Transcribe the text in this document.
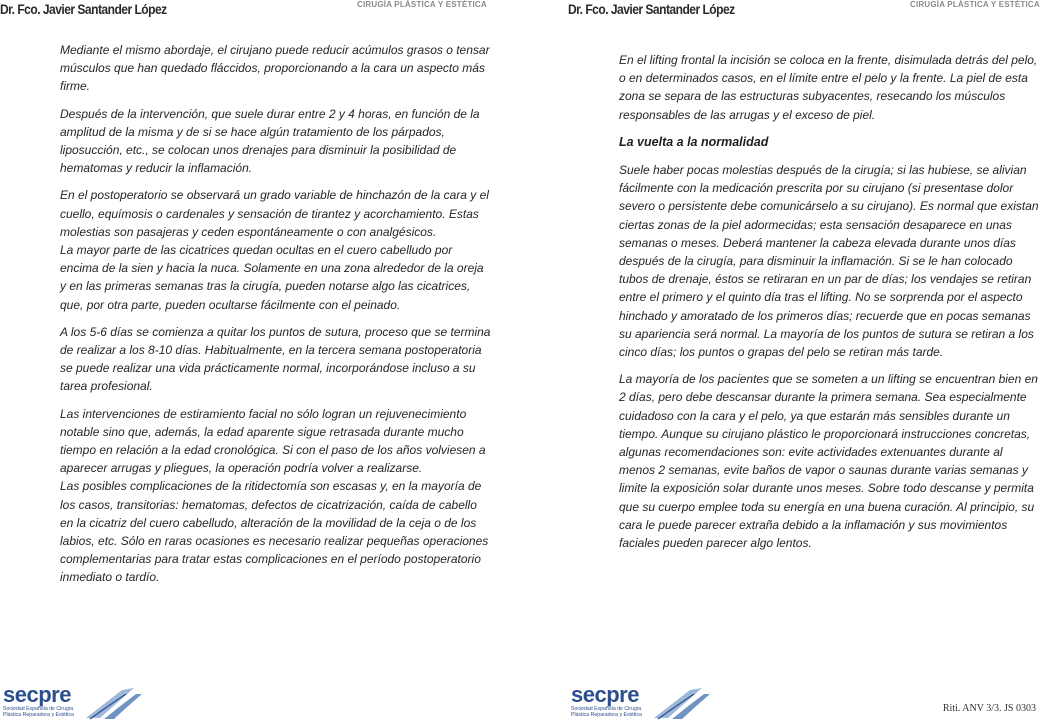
Dr. Fco. Javier Santander López	CIRUGÍA PLÁSTICA Y ESTÉTICA

Mediante el mismo abordaje, el cirujano puede reducir acúmulos grasos o tensar músculos que han quedado fláccidos, proporcionando a la cara un aspecto más firme.

Después de la intervención, que suele durar entre 2 y 4 horas, en función de la amplitud de la misma y de si se hace algún tratamiento de los párpados, liposucción, etc., se colocan unos drenajes para disminuir la posibilidad de hematomas y reducir la inflamación.

En el postoperatorio se observará un grado variable de hinchazón de la cara y el cuello, equímosis o cardenales y sensación de tirantez y acorchamiento. Estas molestias son pasajeras y ceden espontáneamente o con analgésicos.

La mayor parte de las cicatrices quedan ocultas en el cuero cabelludo por encima de la sien y hacia la nuca. Solamente en una zona alrededor de la oreja y en las primeras semanas tras la cirugía, pueden notarse algo las cicatrices, que, por otra parte, pueden ocultarse fácilmente con el peinado.

A los 5-6 días se comienza a quitar los puntos de sutura, proceso que se termina de realizar a los 8-10 días. Habitualmente, en la tercera semana postoperatoria se puede realizar una vida prácticamente normal, incorporándose incluso a su tarea profesional.

Las intervenciones de estiramiento facial no sólo logran un rejuvenecimiento notable sino que, además, la edad aparente sigue retrasada durante mucho tiempo en relación a la edad cronológica. Si con el paso de los años volviesen a aparecer arrugas y pliegues, la operación podría volver a realizarse.

Las posibles complicaciones de la ritidectomía son escasas y, en la mayoría de los casos, transitorias: hematomas, defectos de cicatrización, caída de cabello en la cicatriz del cuero cabelludo, alteración de la movilidad de la ceja o de los labios, etc. Sólo en raras ocasiones es necesario realizar pequeñas operaciones complementarias para tratar estas complicaciones en el período postoperatorio inmediato o tardío.

secpre
Sociedad Española de Cirugía
Plástica Reparadora y Estética
Dr. Fco. Javier Santander López	CIRUGÍA PLÁSTICA Y ESTÉTICA

En el lifting frontal la incisión se coloca en la frente, disimulada detrás del pelo, o en determinados casos, en el límite entre el pelo y la frente. La piel de esta zona se separa de las estructuras subyacentes, resecando los músculos responsables de las arrugas y el exceso de piel.

La vuelta a la normalidad

Suele haber pocas molestias después de la cirugía; si las hubiese, se alivian fácilmente con la medicación prescrita por su cirujano (si presentase dolor severo o persistente debe comunicárselo a su cirujano). Es normal que existan ciertas zonas de la piel adormecidas; esta sensación desaparece en unas semanas o meses. Deberá mantener la cabeza elevada durante unos días después de la cirugía, para disminuir la inflamación. Si se le han colocado tubos de drenaje, éstos se retiraran en un par de días; los vendajes se retiran entre el primero y el quinto día tras el lifting. No se sorprenda por el aspecto hinchado y amoratado de los primeros días; recuerde que en pocas semanas su apariencia será normal. La mayoría de los puntos de sutura se retiran a los cinco días; los puntos o grapas del pelo se retiran más tarde.

La mayoría de los pacientes que se someten a un lifting se encuentran bien en 2 días, pero debe descansar durante la primera semana. Sea especialmente cuidadoso con la cara y el pelo, ya que estarán más sensibles durante un tiempo. Aunque su cirujano plástico le proporcionará instrucciones concretas, algunas recomendaciones son: evite actividades extenuantes durante al menos 2 semanas, evite baños de vapor o saunas durante varias semanas y limite la exposición solar durante unos meses. Sobre todo descanse y permita que su cuerpo emplee toda su energía en una buena curación. Al principio, su cara le puede parecer extraña debido a la inflamación y sus movimientos faciales pueden parecer algo lentos.

secpre
Sociedad Española de Cirugía
Plástica Reparadora y Estética
Riti. ANV 3/3. JS 0303
